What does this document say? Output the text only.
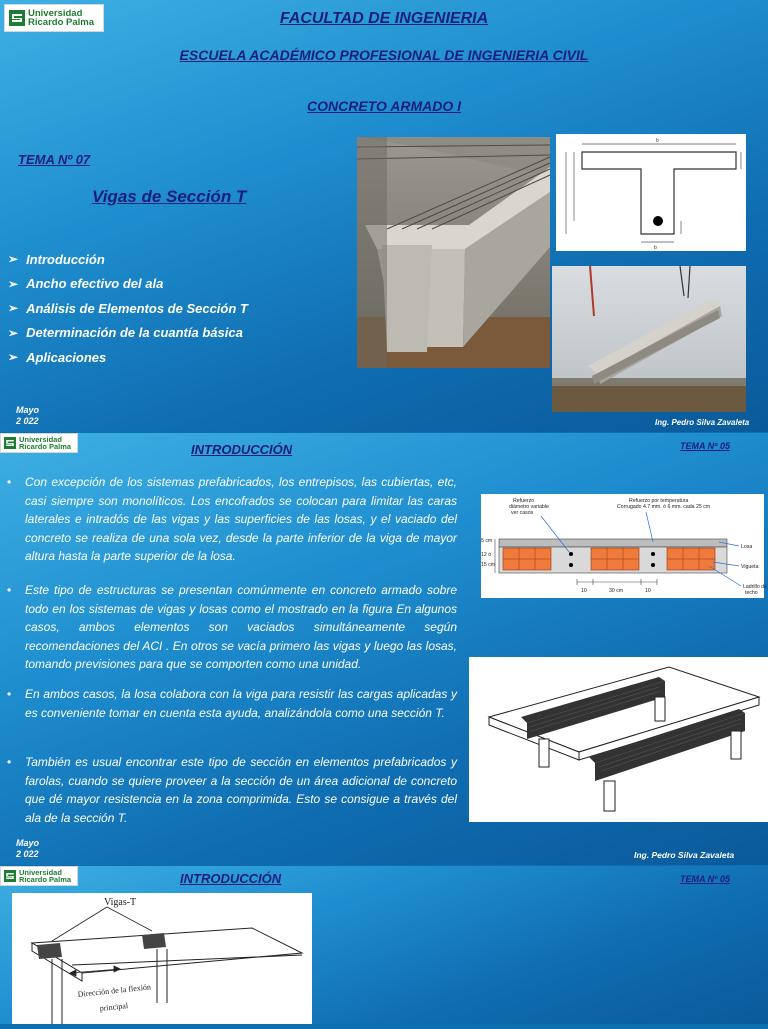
Universidad
Ricardo Palma	FACULTAD DE INGENIERIA
ESCUELA ACADÉMICO PROFESIONAL DE INGENIERIA CIVIL
CONCRETO ARMADO I
TEMA Nº 07
Vigas de Sección T
➢ Introducción
➢ Ancho efectivo del ala
➢ Análisis de Elementos de Sección T
➢ Determinación de la cuantía básica
➢ Aplicaciones
b
b
Mayo
2 022	Ing. Pedro Silva Zavaleta
Universidad
Ricardo Palma	INTRODUCCIÓN	TEMA Nº 05
• Con excepción de los sistemas prefabricados, los entrepisos, las cubiertas, etc, casi siempre son monolíticos. Los encofrados se colocan para limitar las caras laterales e intradós de las vigas y las superficies de las losas, y el vaciado del concreto se realiza de una sola vez, desde la parte inferior de la viga de mayor altura hasta la parte superior de la losa.
• Este tipo de estructuras se presentan comúnmente en concreto armado sobre todo en los sistemas de vigas y losas como el mostrado en la figura En algunos casos, ambos elementos son vaciados simultáneamente según recomendaciones del ACI . En otros se vacía primero las vigas y luego las losas, tomando previsiones para que se comporten como una unidad.
• En ambos casos, la losa colabora con la viga para resistir las cargas aplicadas y es conveniente tomar en cuenta esta ayuda, analizándola como una sección T.
• También es usual encontrar este tipo de sección en elementos prefabricados y farolas, cuando se quiere proveer a la sección de un área adicional de concreto que dé mayor resistencia en la zona comprimida. Esto se consigue a través del ala de la sección T.
Refuerzo
diámetro variable
ver casos
Refuerzo por temperatura
Corrugado 4.7 mm. ó 6 mm. cada 25 cm
5 cm
12 ó
15 cm
Losa
Vigueta
Ladrillo de
techo
10	30 cm	10
Mayo
2 022	Ing. Pedro Silva Zavaleta
Universidad
Ricardo Palma	INTRODUCCIÓN	TEMA Nº 05
Vigas-T
Dirección de la flexión
principal
